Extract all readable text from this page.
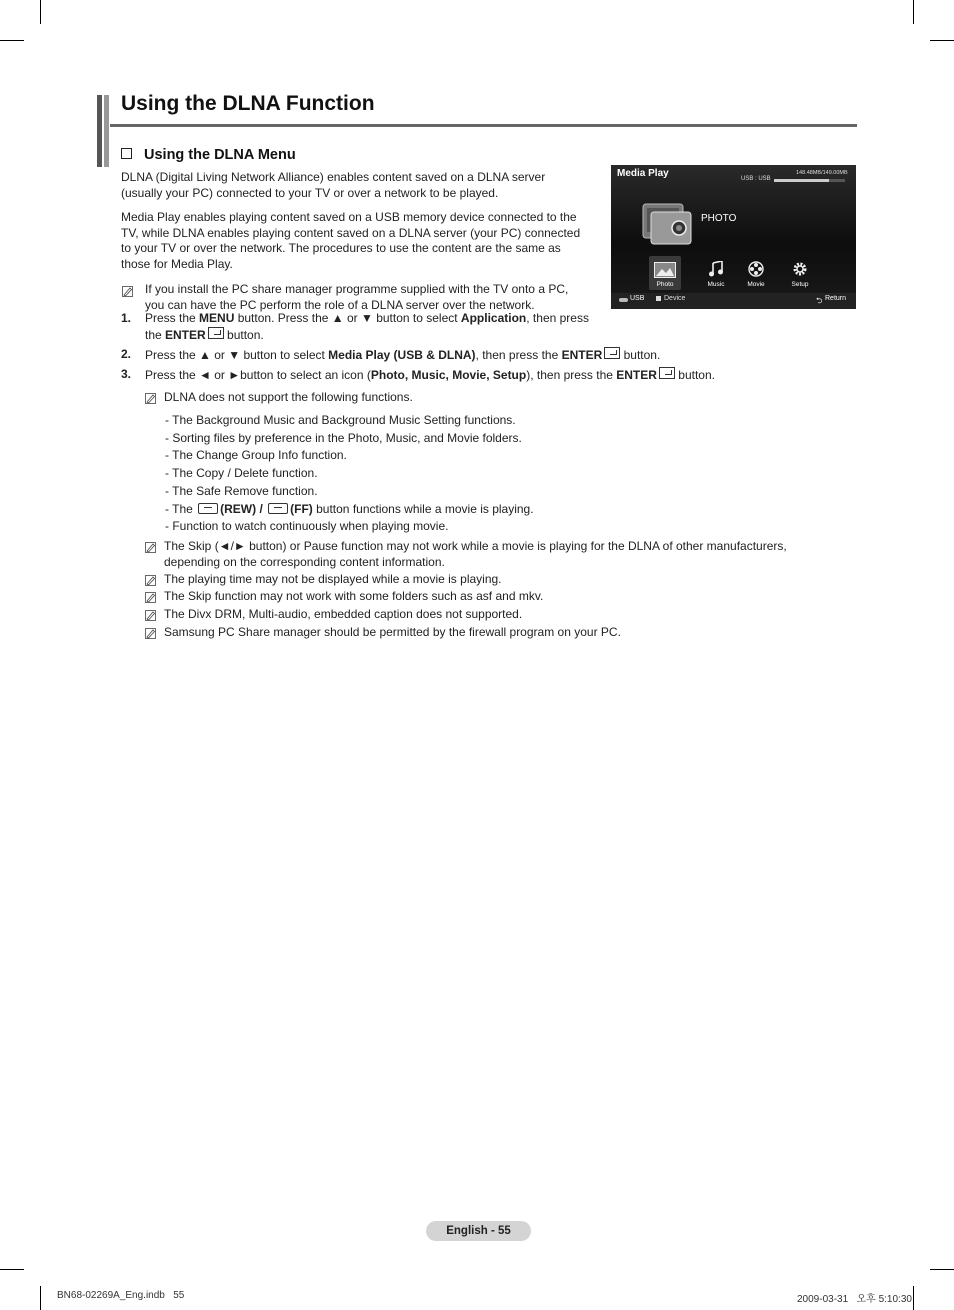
Using the DLNA Function
Using the DLNA Menu
DLNA (Digital Living Network Alliance) enables content saved on a DLNA server
(usually your PC) connected to your TV or over a network to be played.
Media Play enables playing content saved on a USB memory device connected to the
TV, while DLNA enables playing content saved on a DLNA server (your PC) connected
to your TV or over the network. The procedures to use the content are the same as
those for Media Play.
If you install the PC share manager programme supplied with the TV onto a PC,
you can have the PC perform the role of a DLNA server over the network.
1. Press the MENU button. Press the ▲ or ▼ button to select Application, then press
the ENTER button.
2. Press the ▲ or ▼ button to select Media Play (USB & DLNA), then press the ENTER button.
3. Press the ◄ or ►button to select an icon (Photo, Music, Movie, Setup), then press the ENTER button.
DLNA does not support the following functions.
- The Background Music and Background Music Setting functions.
- Sorting files by preference in the Photo, Music, and Movie folders.
- The Change Group Info function.
- The Copy / Delete function.
- The Safe Remove function.
- The (REW) / (FF) button functions while a movie is playing.
- Function to watch continuously when playing movie.
The Skip (◄/► button) or Pause function may not work while a movie is playing for the DLNA of other manufacturers,
depending on the corresponding content information.
The playing time may not be displayed while a movie is playing.
The Skip function may not work with some folders such as asf and mkv.
The Divx DRM, Multi-audio, embedded caption does not supported.
Samsung PC Share manager should be permitted by the firewall program on your PC.
Media Play	USB : USB
148.48MB/149.00MB
PHOTO
Photo	Music	Movie	Setup
USB	Device	⮌ Return
English - 55
BN68-02269A_Eng.indb   55	2009-03-31   오후 5:10:30
